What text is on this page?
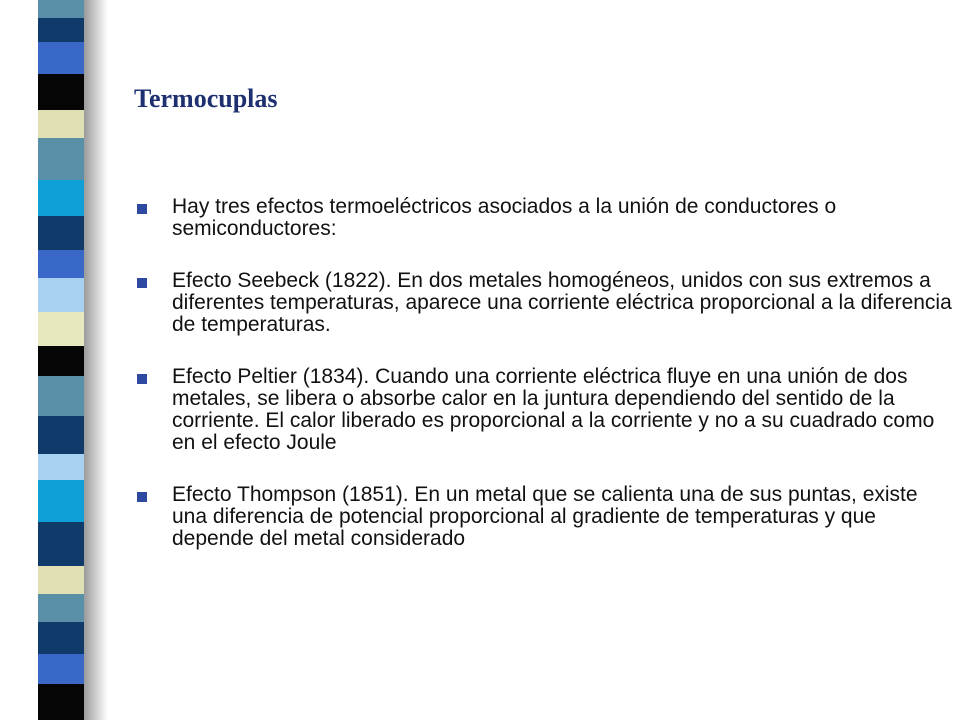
Termocuplas
Hay tres efectos termoeléctricos asociados a la unión de conductores o semiconductores:
Efecto Seebeck (1822). En dos metales homogéneos, unidos con sus extremos a diferentes temperaturas, aparece una corriente eléctrica proporcional a la diferencia de temperaturas.
Efecto Peltier (1834). Cuando una corriente eléctrica fluye en una unión de dos metales, se libera o absorbe calor en la juntura dependiendo del sentido de la corriente. El calor liberado es proporcional a la corriente y no a su cuadrado como en el efecto Joule
Efecto Thompson (1851). En un metal que se calienta una de sus puntas, existe una diferencia de potencial proporcional al gradiente de temperaturas y que depende del metal considerado
